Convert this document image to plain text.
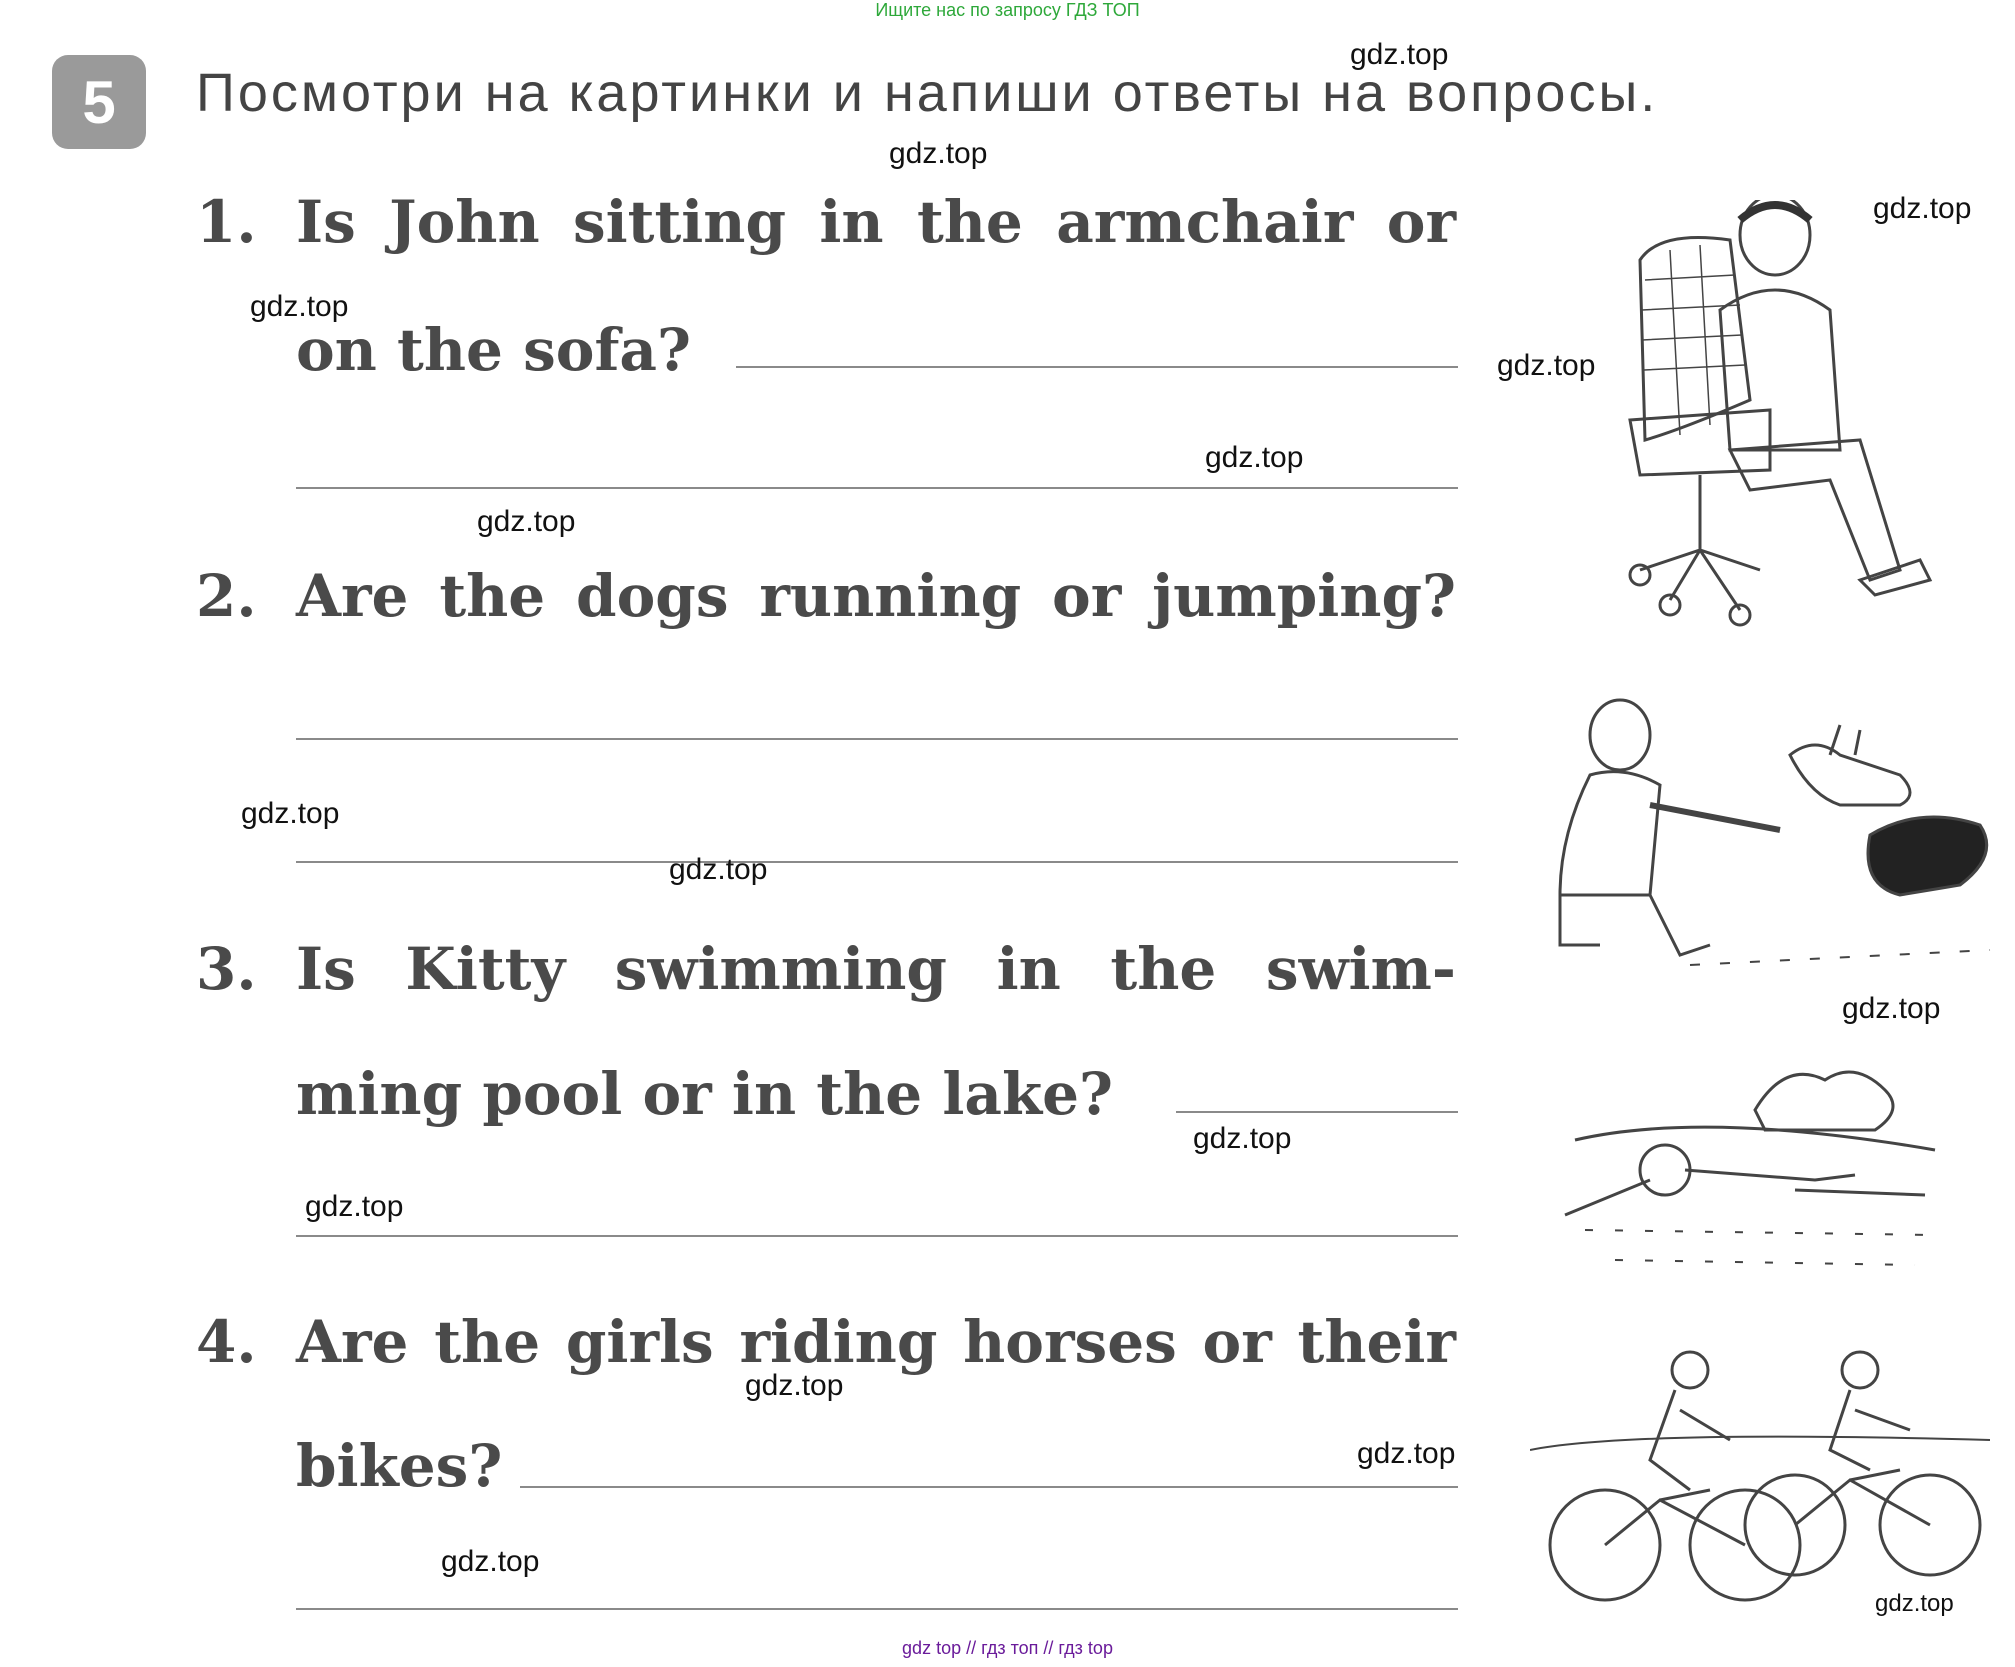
Ищите нас по запросу ГДЗ ТОП
5	Посмотри на картинки и напиши ответы на вопросы.
1. Is John sitting in the armchair or
on the sofa?
2. Are the dogs running or jumping?
3. Is Kitty swimming in the swim-
ming pool or in the lake?
4. Are the girls riding horses or their
bikes?
gdz.top
gdz.top
gdz.top
gdz.top
gdz.top
gdz.top
gdz.top
gdz.top
gdz.top
gdz.top
gdz.top
gdz.top
gdz.top
gdz.top
gdz.top
gdz.top
gdz top // гдз топ // гдз top
